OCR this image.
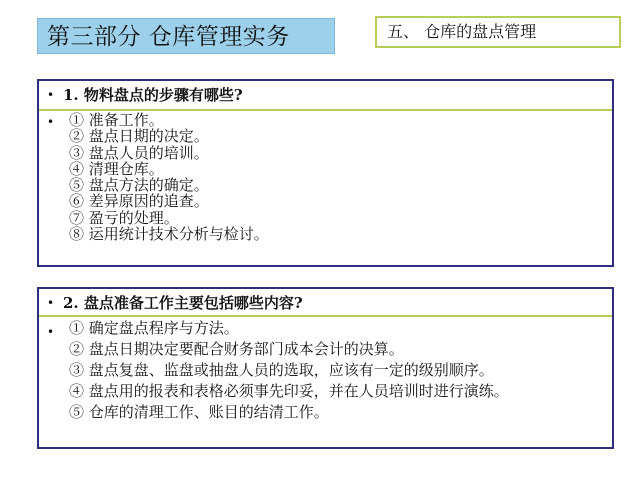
第三部分 仓库管理实务	五、 仓库的盘点管理
• 1. 物料盘点的步骤有哪些?
• ① 准备工作。
② 盘点日期的决定。
③ 盘点人员的培训。
④ 清理仓库。
⑤ 盘点方法的确定。
⑥ 差异原因的追查。
⑦ 盈亏的处理。
⑧ 运用统计技术分析与检讨。
• 2. 盘点准备工作主要包括哪些内容?
• ① 确定盘点程序与方法。
② 盘点日期决定要配合财务部门成本会计的决算。
③ 盘点复盘、监盘或抽盘人员的选取，应该有一定的级别顺序。
④ 盘点用的报表和表格必须事先印妥，并在人员培训时进行演练。
⑤ 仓库的清理工作、账目的结清工作。
